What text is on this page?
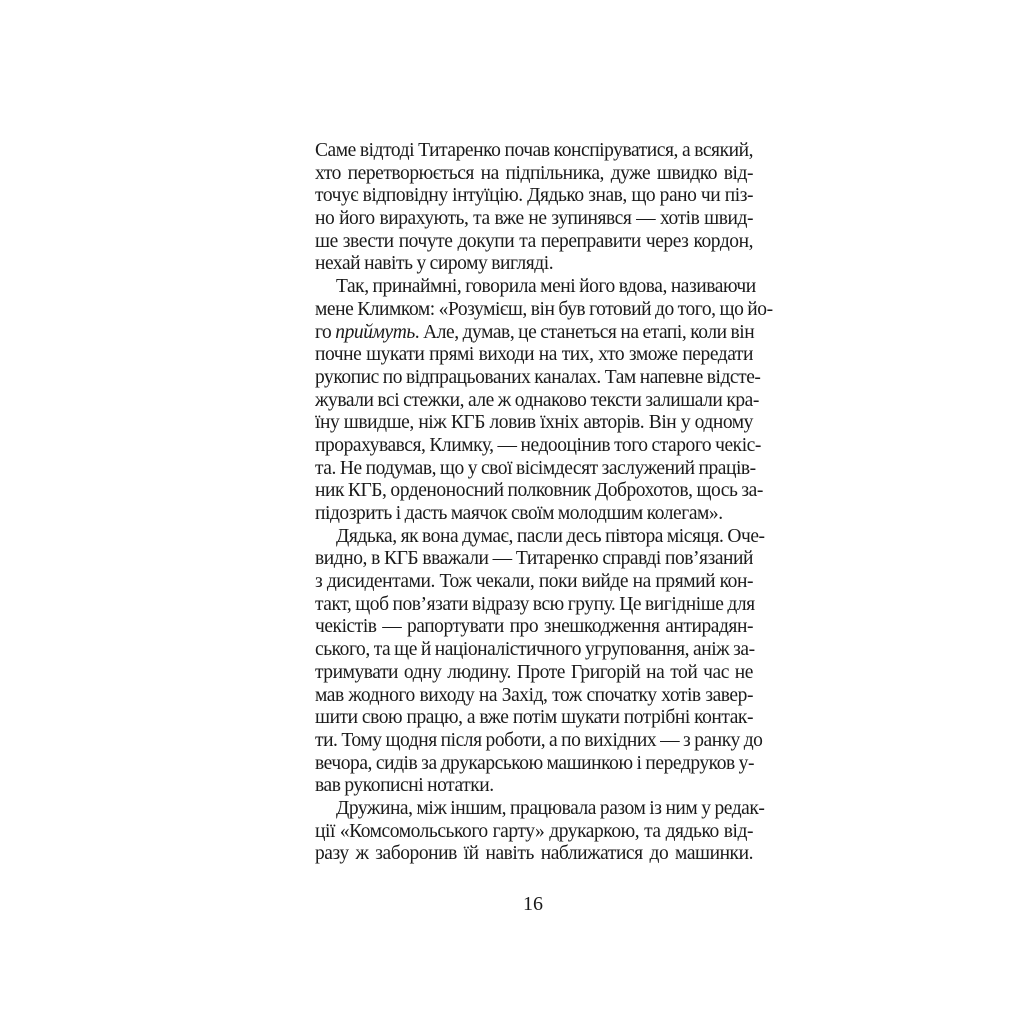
Саме відтоді Титаренко почав конспіруватися, а всякий,
хто перетворюється на підпільника, дуже швидко від-
точує відповідну інтуїцію. Дядько знав, що рано чи піз-
но його вирахують, та вже не зупинявся — хотів швид-
ше звести почуте докупи та переправити через кордон,
нехай навіть у сирому вигляді.
Так, принаймні, говорила мені його вдова, називаючи
мене Климком: «Розумієш, він був готовий до того, що йо-
го приймуть. Але, думав, це станеться на етапі, коли він
почне шукати прямі виходи на тих, хто зможе передати
рукопис по відпрацьованих каналах. Там напевне відсте-
жували всі стежки, але ж однаково тексти залишали кра-
їну швидше, ніж КГБ ловив їхніх авторів. Він у одному
прорахувався, Климку, — недооцінив того старого чекіс-
та. Не подумав, що у свої вісімдесят заслужений праців-
ник КГБ, орденоносний полковник Доброхотов, щось за-
підозрить і дасть маячок своїм молодшим колегам».
Дядька, як вона думає, пасли десь півтора місяця. Оче-
видно, в КГБ вважали — Титаренко справді пов’язаний
з дисидентами. Тож чекали, поки вийде на прямий кон-
такт, щоб пов’язати відразу всю групу. Це вигідніше для
чекістів — рапортувати про знешкодження антирадян-
ського, та ще й націоналістичного угруповання, аніж за-
тримувати одну людину. Проте Григорій на той час не
мав жодного виходу на Захід, тож спочатку хотів завер-
шити свою працю, а вже потім шукати потрібні контак-
ти. Тому щодня після роботи, а по вихідних — з ранку до
вечора, сидів за друкарською машинкою і передруков у-
вав рукописні нотатки.
Дружина, між іншим, працювала разом із ним у редак-
ції «Комсомольського гарту» друкаркою, та дядько від-
разу ж заборонив їй навіть наближатися до машинки.
16
